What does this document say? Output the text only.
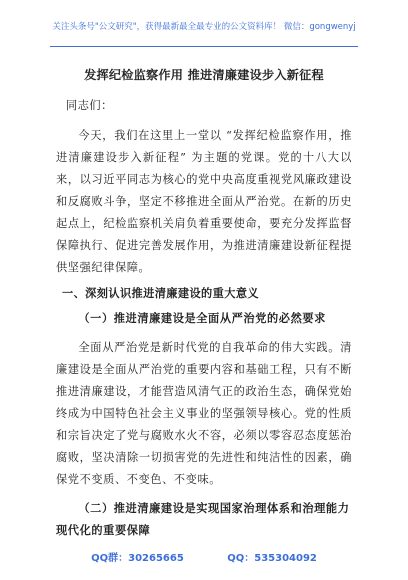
关注头条号"公文研究"，获得最新最全最专业的公文资料库！ 微信：gongwenyj
发挥纪检监察作用 推进清廉建设步入新征程
同志们：

今天，我们在这里上一堂以 “发挥纪检监察作用，推进清廉建设步入新征程” 为主题的党课。党的十八大以来，以习近平同志为核心的党中央高度重视党风廉政建设和反腐败斗争，坚定不移推进全面从严治党。在新的历史起点上，纪检监察机关肩负着重要使命，要充分发挥监督保障执行、促进完善发展作用，为推进清廉建设新征程提供坚强纪律保障。

一、深刻认识推进清廉建设的重大意义
（一）推进清廉建设是全面从严治党的必然要求

全面从严治党是新时代党的自我革命的伟大实践。清廉建设是全面从严治党的重要内容和基础工程，只有不断推进清廉建设，才能营造风清气正的政治生态，确保党始终成为中国特色社会主义事业的坚强领导核心。党的性质和宗旨决定了党与腐败水火不容，必须以零容忍态度惩治腐败，坚决清除一切损害党的先进性和纯洁性的因素，确保党不变质、不变色、不变味。

（二）推进清廉建设是实现国家治理体系和治理能力现代化的重要保障
QQ群：30265665	QQ：535304092
